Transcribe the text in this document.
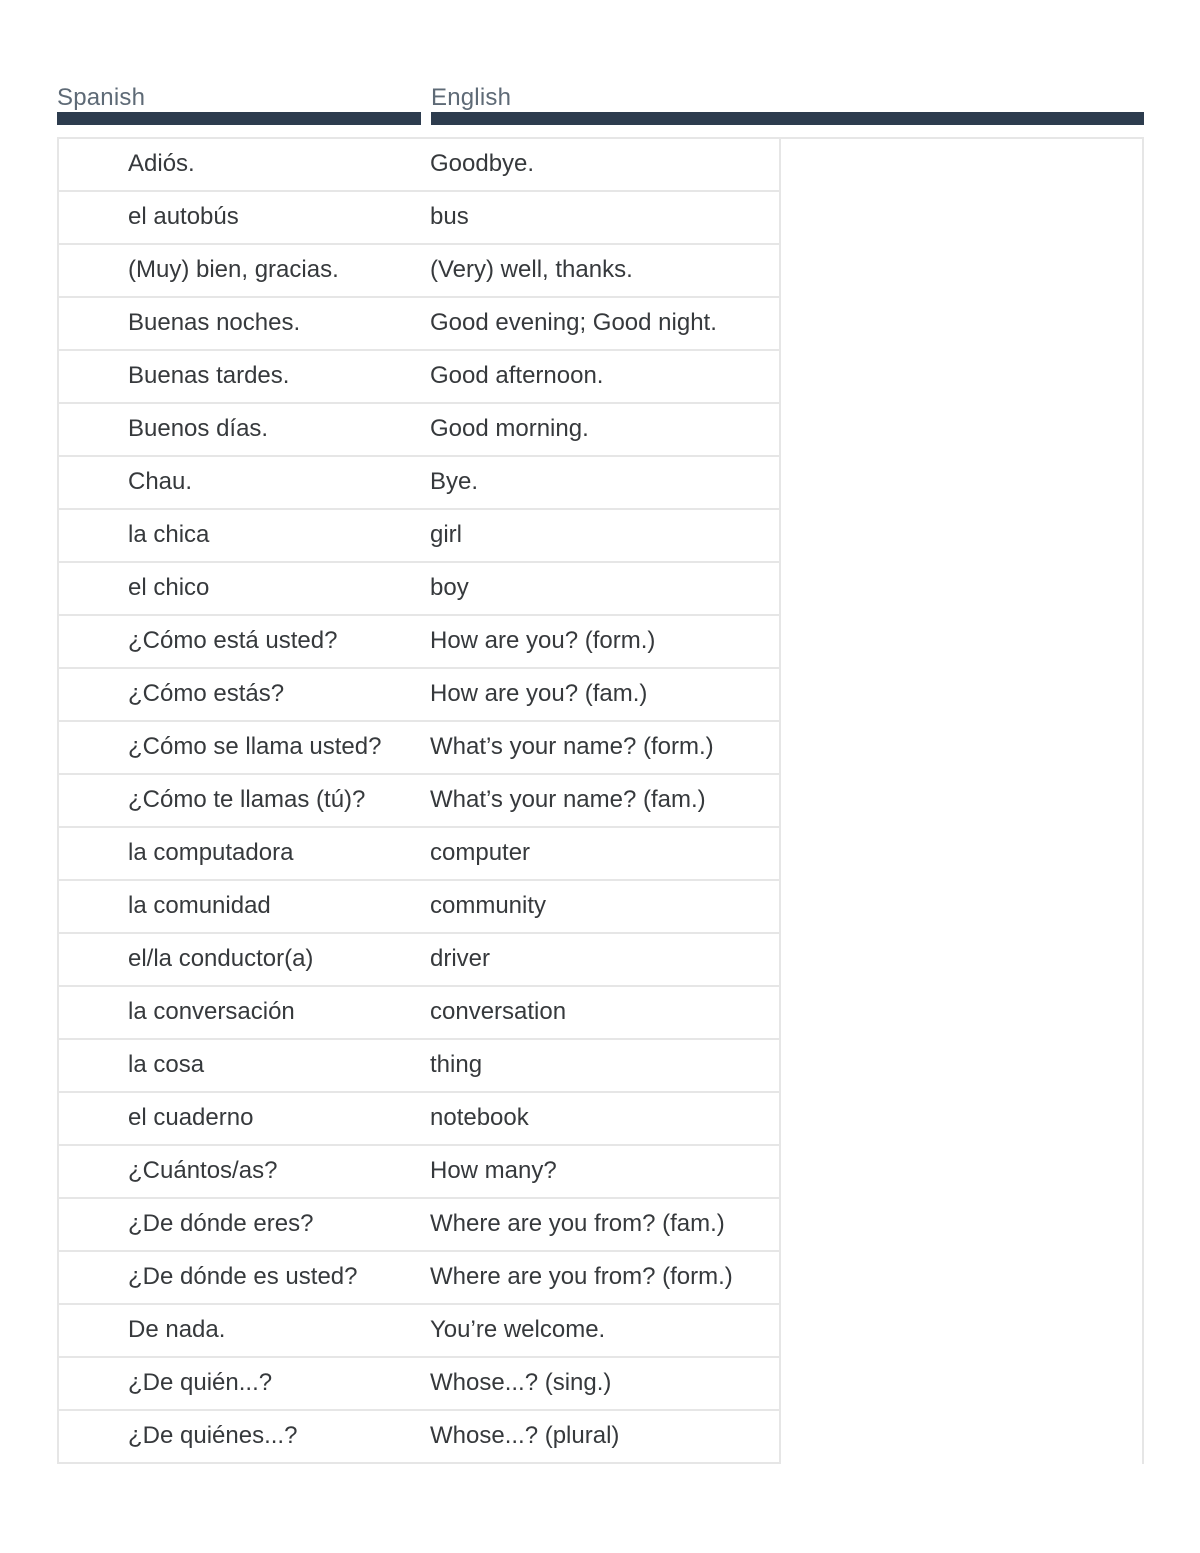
Spanish	English
Adiós.	Goodbye.
el autobús	bus
(Muy) bien, gracias.	(Very) well, thanks.
Buenas noches.	Good evening; Good night.
Buenas tardes.	Good afternoon.
Buenos días.	Good morning.
Chau.	Bye.
la chica	girl
el chico	boy
¿Cómo está usted?	How are you? (form.)
¿Cómo estás?	How are you? (fam.)
¿Cómo se llama usted?	What’s your name? (form.)
¿Cómo te llamas (tú)?	What’s your name? (fam.)
la computadora	computer
la comunidad	community
el/la conductor(a)	driver
la conversación	conversation
la cosa	thing
el cuaderno	notebook
¿Cuántos/as?	How many?
¿De dónde eres?	Where are you from? (fam.)
¿De dónde es usted?	Where are you from? (form.)
De nada.	You’re welcome.
¿De quién...?	Whose...? (sing.)
¿De quiénes...?	Whose...? (plural)
